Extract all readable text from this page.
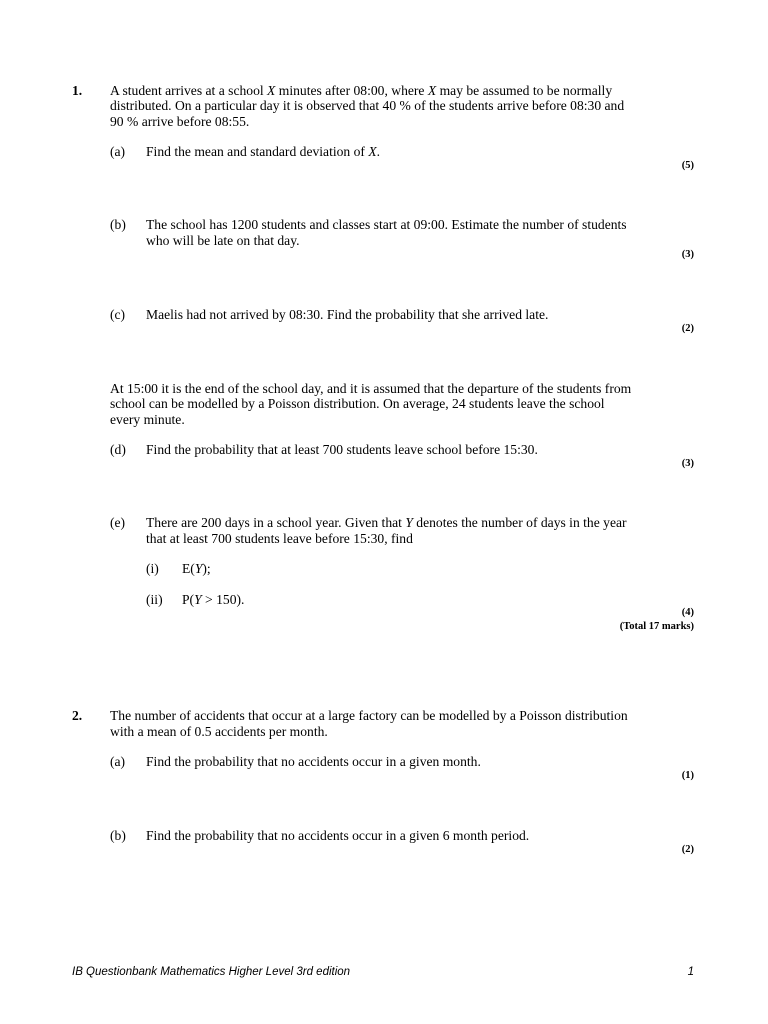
1. A student arrives at a school X minutes after 08:00, where X may be assumed to be normally
distributed. On a particular day it is observed that 40 % of the students arrive before 08:30 and
90 % arrive before 08:55.
(a) Find the mean and standard deviation of X.
(5)
(b) The school has 1200 students and classes start at 09:00. Estimate the number of students
who will be late on that day.
(3)
(c) Maelis had not arrived by 08:30. Find the probability that she arrived late.
(2)
At 15:00 it is the end of the school day, and it is assumed that the departure of the students from
school can be modelled by a Poisson distribution. On average, 24 students leave the school
every minute.
(d) Find the probability that at least 700 students leave school before 15:30.
(3)
(e) There are 200 days in a school year. Given that Y denotes the number of days in the year
that at least 700 students leave before 15:30, find
(i) E(Y);
(ii) P(Y > 150).
(4)
(Total 17 marks)
2. The number of accidents that occur at a large factory can be modelled by a Poisson distribution
with a mean of 0.5 accidents per month.
(a) Find the probability that no accidents occur in a given month.
(1)
(b) Find the probability that no accidents occur in a given 6 month period.
(2)
IB Questionbank Mathematics Higher Level 3rd edition	1
